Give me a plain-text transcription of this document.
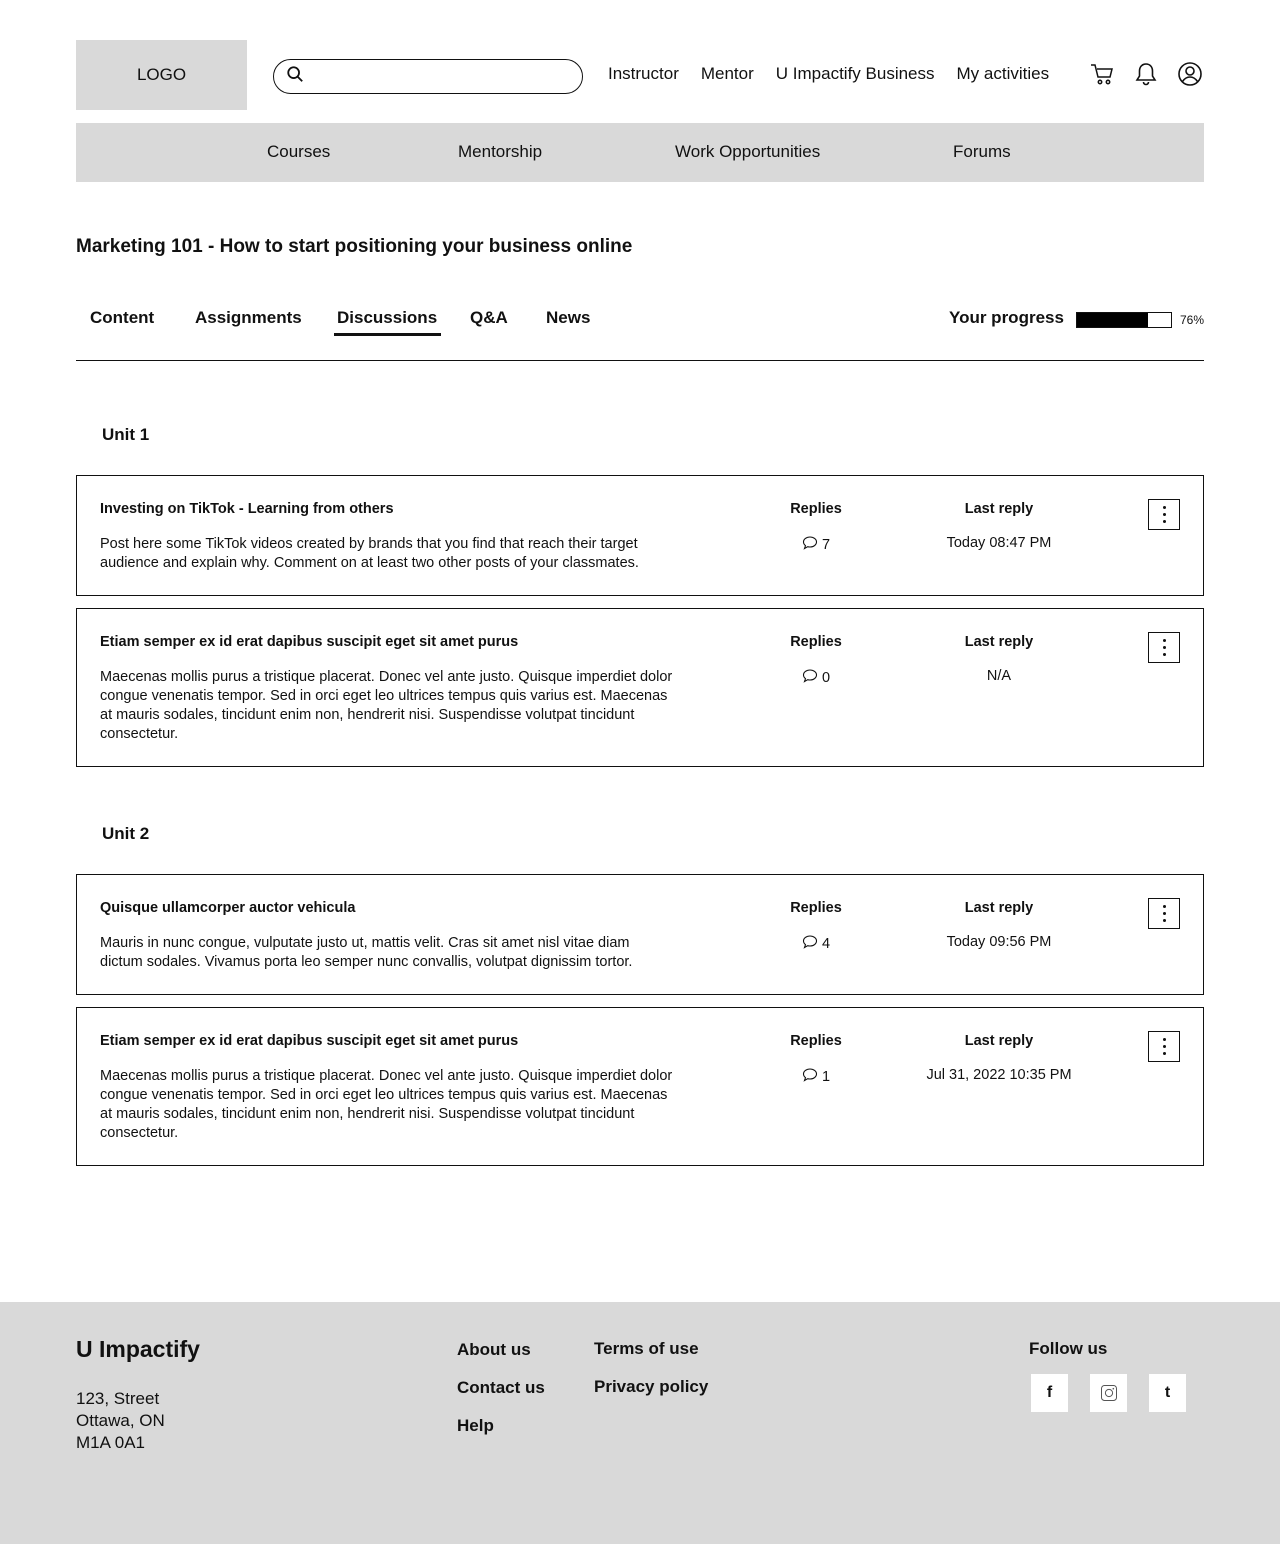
LOGO	Instructor Mentor U Impactify Business My activities
Courses	Mentorship	Work Opportunities	Forums
Marketing 101 - How to start positioning your business online
Content Assignments Discussions Q&A News	Your progress	76%
Unit 1
Investing on TikTok - Learning from others
Post here some TikTok videos created by brands that you find that reach their target audience and explain why. Comment on at least two other posts of your classmates.
Replies
7
Last reply
Today 08:47 PM
Etiam semper ex id erat dapibus suscipit eget sit amet purus
Maecenas mollis purus a tristique placerat. Donec vel ante justo. Quisque imperdiet dolor congue venenatis tempor. Sed in orci eget leo ultrices tempus quis varius est. Maecenas at mauris sodales, tincidunt enim non, hendrerit nisi. Suspendisse volutpat tincidunt consectetur.
Replies
0
Last reply
N/A
Unit 2
Quisque ullamcorper auctor vehicula
Mauris in nunc congue, vulputate justo ut, mattis velit. Cras sit amet nisl vitae diam dictum sodales. Vivamus porta leo semper nunc convallis, volutpat dignissim tortor.
Replies
4
Last reply
Today 09:56 PM
Etiam semper ex id erat dapibus suscipit eget sit amet purus
Maecenas mollis purus a tristique placerat. Donec vel ante justo. Quisque imperdiet dolor congue venenatis tempor. Sed in orci eget leo ultrices tempus quis varius est. Maecenas at mauris sodales, tincidunt enim non, hendrerit nisi. Suspendisse volutpat tincidunt consectetur.
Replies
1
Last reply
Jul 31, 2022 10:35 PM
U Impactify
123, Street
Ottawa, ON
M1A 0A1
About us
Contact us
Help
Terms of use
Privacy policy
Follow us
f	t
